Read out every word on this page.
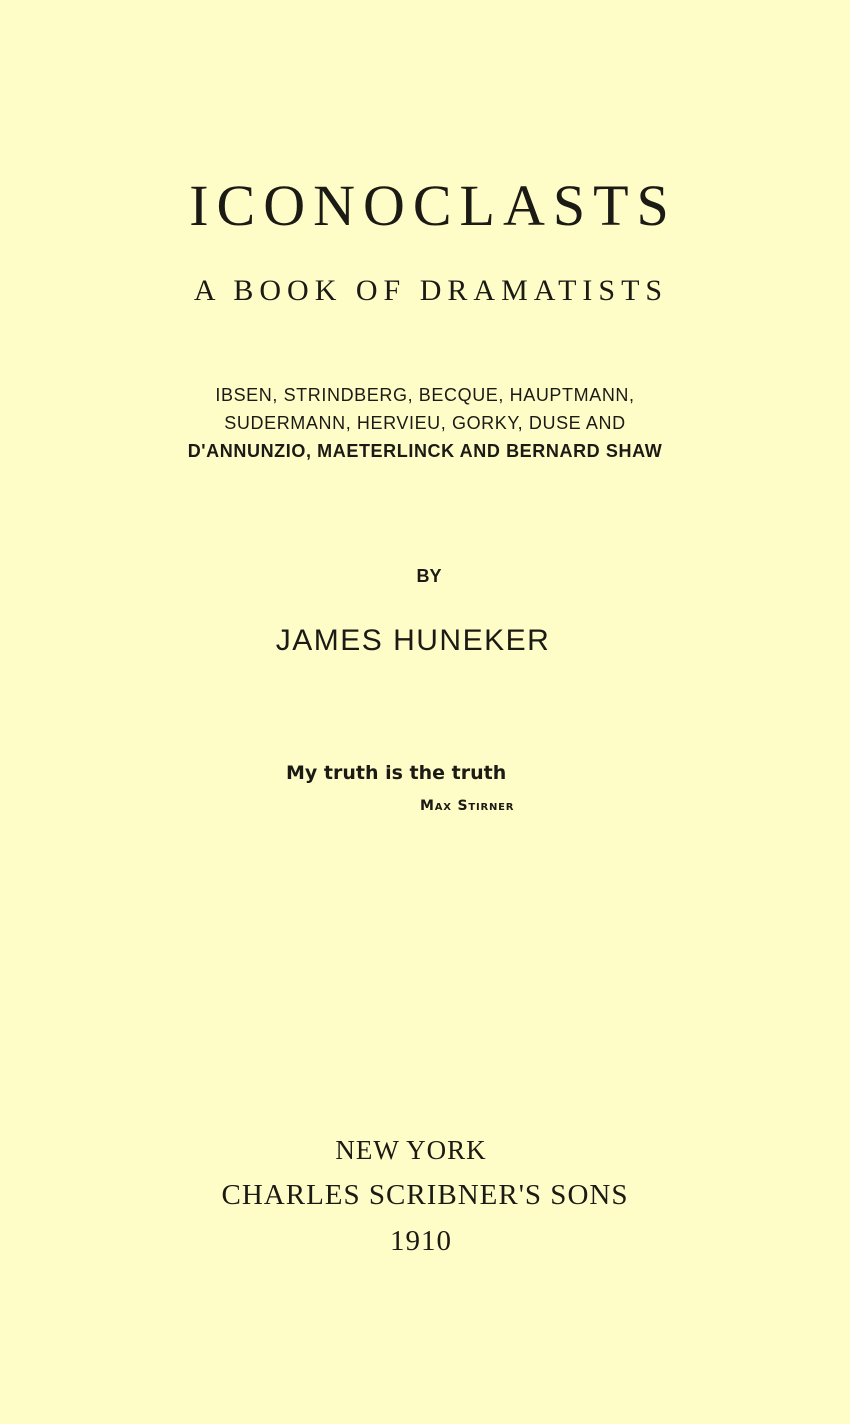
ICONOCLASTS

A BOOK OF DRAMATISTS

IBSEN, STRINDBERG, BECQUE, HAUPTMANN,

SUDERMANN, HERVIEU, GORKY, DUSE AND

D'ANNUNZIO, MAETERLINCK AND BERNARD SHAW

BY

JAMES HUNEKER

My truth is the truth

Max Stirner

NEW YORK

CHARLES SCRIBNER'S SONS

1910
